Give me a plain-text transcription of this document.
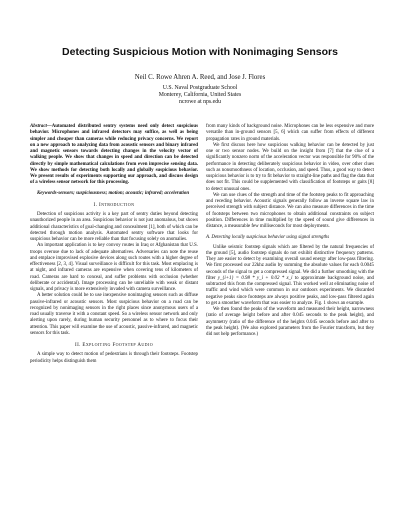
Detecting Suspicious Motion with Nonimaging Sensors
Neil C. Rowe Ahren A. Reed, and Jose J. Flores
U.S. Naval Postgraduate School
Monterey, California, United States
ncrowe at nps.edu

Abstract—Automated distributed sentry systems need only detect suspicious behavior. Microphones and infrared detectors may suffice, as well as being simpler and cheaper than cameras while reducing privacy concerns. We report on a new approach to analyzing data from acoustic sensors and binary infrared and magnetic sensors towards detecting changes in the velocity vector of walking people. We show that changes in speed and direction can be detected directly by simple mathematical calculations from even imprecise sensing data. We show methods for detecting both locally and globally suspicious behavior. We present results of experiments supporting our approach, and discuss design of a wireless sensor network for this processing.

Keywords-sensors; suspiciousness; motion; acoustic; infrared; acceleration

I. Introduction

Detection of suspicious activity is a key part of sentry duties beyond detecting unauthorized people in an area. Suspicious behavior is not just anomalous, but shows additional characteristics of goal-changing and concealment [1], both of which can be detected through motion analysis. Automated sentry software that looks for suspicious behavior can be more reliable than that focusing solely on anomalies.

An important application is to key convoy routes in Iraq or Afghanistan that U.S. troops overuse due to lack of adequate alternatives. Adversaries can note the reuse and emplace improvised explosive devices along such routes with a higher degree of effectiveness [2, 3, 4]. Visual surveillance is difficult for this task. Most emplacing is at night, and infrared cameras are expensive when covering tens of kilometers of road. Cameras are hard to conceal, and suffer problems with occlusion (whether deliberate or accidental). Image processing can be unreliable with weak or distant signals, and privacy is more extensively invaded with camera surveillance.

A better solution could be to use inexpensive nonimaging sensors such as diffuse passive-infrared or acoustic sensors. Most suspicious behavior on a road can be recognized by nonimaging sensors in the right places since anonymous users of a road usually traverse it with a constant speed. So a wireless sensor network and only alerting upon rarely, during human security personnel as to where to focus their attention. This paper will examine the use of acoustic, passive-infrared, and magnetic sensors for this task.

II. Exploiting Footstep Audio

A simple way to detect motion of pedestrians is through their footsteps. Footstep periodicity helps distinguish them

from many kinds of background noise. Microphones can be less expensive and more versatile than in-ground sensors [5, 6] which can suffer from effects of different propagation rates in ground materials.

We first discuss here how suspicious walking behavior can be detected by just one or two sensor nodes. We build on the insight from [7] that the clue of a significantly nonzero norm of the acceleration vector was responsible for 90% of the performance in detecting deliberately suspicious behavior in video, over other clues such as nonsmoothness of location, occlusion, and speed. Thus, a good way to detect suspicious behavior is to try to fit behavior to straight-line paths and flag the data that does not fit. This could be supplemented with classification of footsteps or gaits [8] to detect unusual ones.

We can use clues of the strength and time of the footstep peaks to fit approaching and receding behavior. Acoustic signals generally follow an inverse square law in perceived strength with subject distance. We can also measure differences in the time of footsteps between two microphones to obtain additional constraints on subject position. Differences in time multiplied by the speed of sound give differences in distance, a measurable few milliseconds for most deployments.

A. Detecting locally suspicious behavior using signal strengths

Unlike seismic footstep signals which are filtered by the natural frequencies of the ground [5], audio footstep signals do not exhibit distinctive frequency patterns. They are easier to detect by examining overall sound energy after low-pass filtering. We first processed our 22khz audio by summing the absolute values for each 0.0045 seconds of the signal to get a compressed signal. We did a further smoothing with the filter y_{i+1} = 0.98 * y_i + 0.02 * x_i to approximate background noise, and subtracted this from the compressed signal. This worked well at eliminating noise of traffic and wind which were common in our outdoors experiments. We discarded negative peaks since footsteps are always positive peaks, and low-pass filtered again to get a smoother waveform that was easier to analyze. Fig. 1 shows an example.

We then found the peaks of the waveform and measured their height, narrowness (ratio of average height before and after 0.045 seconds to the peak height), and asymmetry (ratio of the difference of the heights 0.045 seconds before and after to the peak height). (We also explored parameters from the Fourier transform, but they did not help performance.)
